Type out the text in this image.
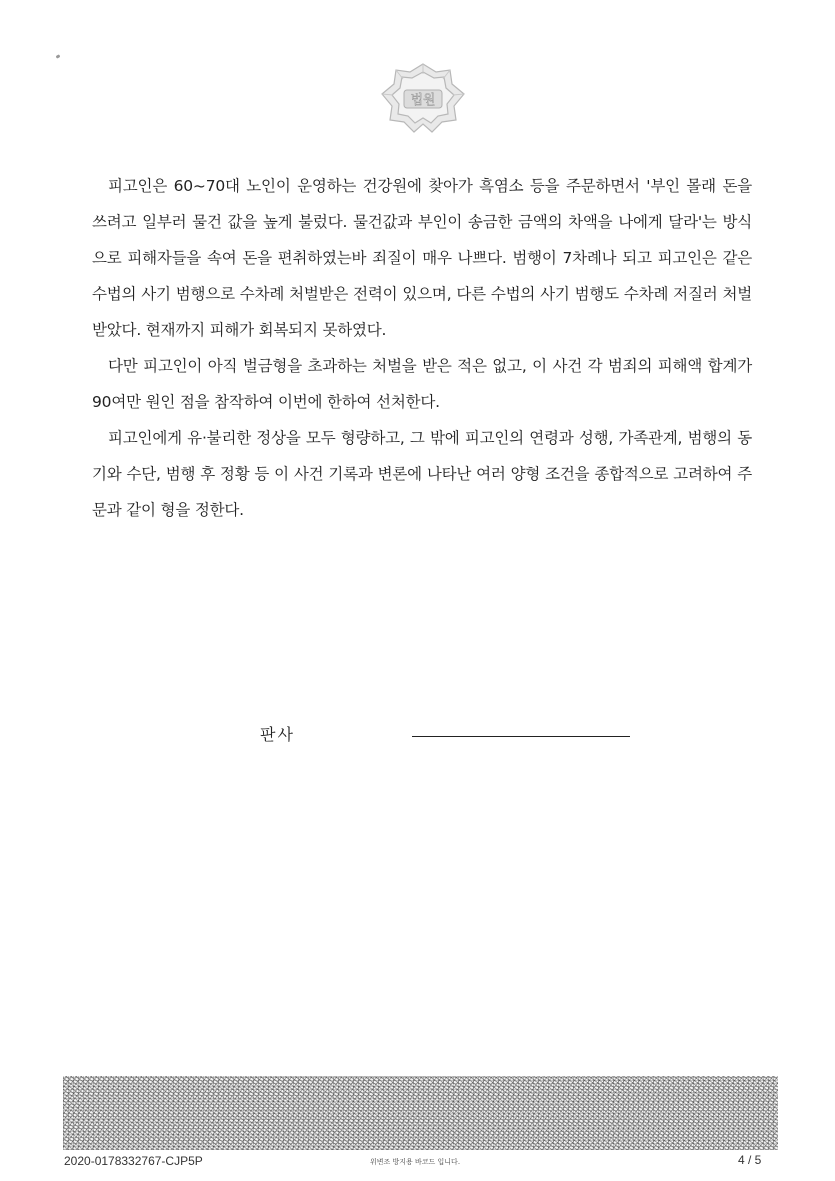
법원

피고인은 60~70대 노인이 운영하는 건강원에 찾아가 흑염소 등을 주문하면서 '부인 몰래 돈을 쓰려고 일부러 물건 값을 높게 불렀다. 물건값과 부인이 송금한 금액의 차액을 나에게 달라'는 방식으로 피해자들을 속여 돈을 편취하였는바 죄질이 매우 나쁘다. 범행이 7차례나 되고 피고인은 같은 수법의 사기 범행으로 수차례 처벌받은 전력이 있으며, 다른 수법의 사기 범행도 수차례 저질러 처벌받았다. 현재까지 피해가 회복되지 못하였다.

다만 피고인이 아직 벌금형을 초과하는 처벌을 받은 적은 없고, 이 사건 각 범죄의 피해액 합계가 90여만 원인 점을 참작하여 이번에 한하여 선처한다.

피고인에게 유·불리한 정상을 모두 형량하고, 그 밖에 피고인의 연령과 성행, 가족관계, 범행의 동기와 수단, 범행 후 정황 등 이 사건 기록과 변론에 나타난 여러 양형 조건을 종합적으로 고려하여 주문과 같이 형을 정한다.

판사
2020-0178332767-CJP5P	위변조 방지용 바코드 입니다.	4 / 5
